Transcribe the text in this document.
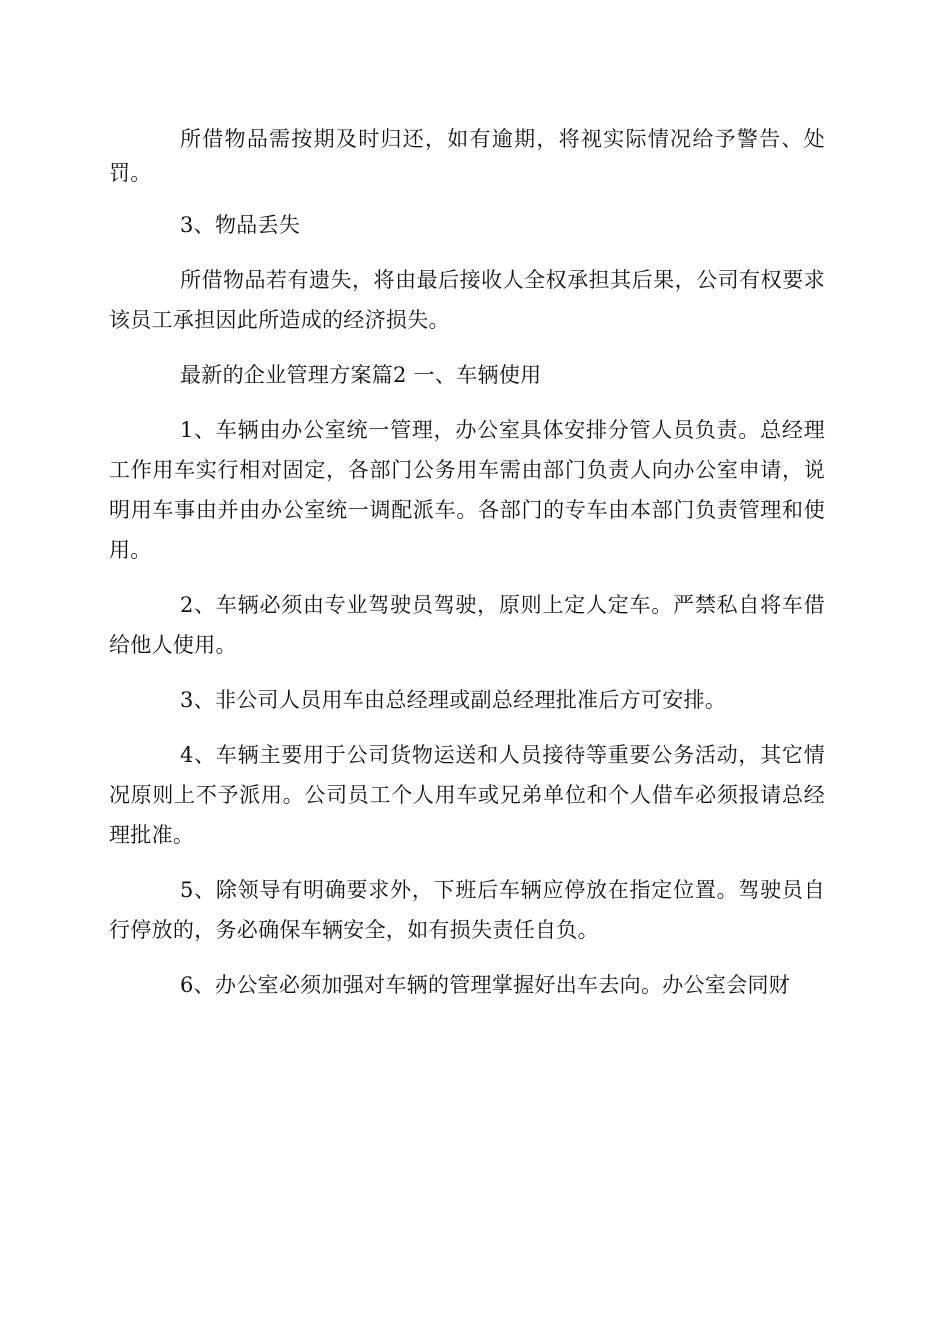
所借物品需按期及时归还，如有逾期，将视实际情况给予警告、处罚。

3、物品丢失

所借物品若有遗失，将由最后接收人全权承担其后果，公司有权要求该员工承担因此所造成的经济损失。

最新的企业管理方案篇2 一、车辆使用

1、车辆由办公室统一管理，办公室具体安排分管人员负责。总经理工作用车实行相对固定，各部门公务用车需由部门负责人向办公室申请，说明用车事由并由办公室统一调配派车。各部门的专车由本部门负责管理和使用。

2、车辆必须由专业驾驶员驾驶，原则上定人定车。严禁私自将车借给他人使用。

3、非公司人员用车由总经理或副总经理批准后方可安排。

4、车辆主要用于公司货物运送和人员接待等重要公务活动，其它情况原则上不予派用。公司员工个人用车或兄弟单位和个人借车必须报请总经理批准。

5、除领导有明确要求外，下班后车辆应停放在指定位置。驾驶员自行停放的，务必确保车辆安全，如有损失责任自负。

6、办公室必须加强对车辆的管理掌握好出车去向。办公室会同财
